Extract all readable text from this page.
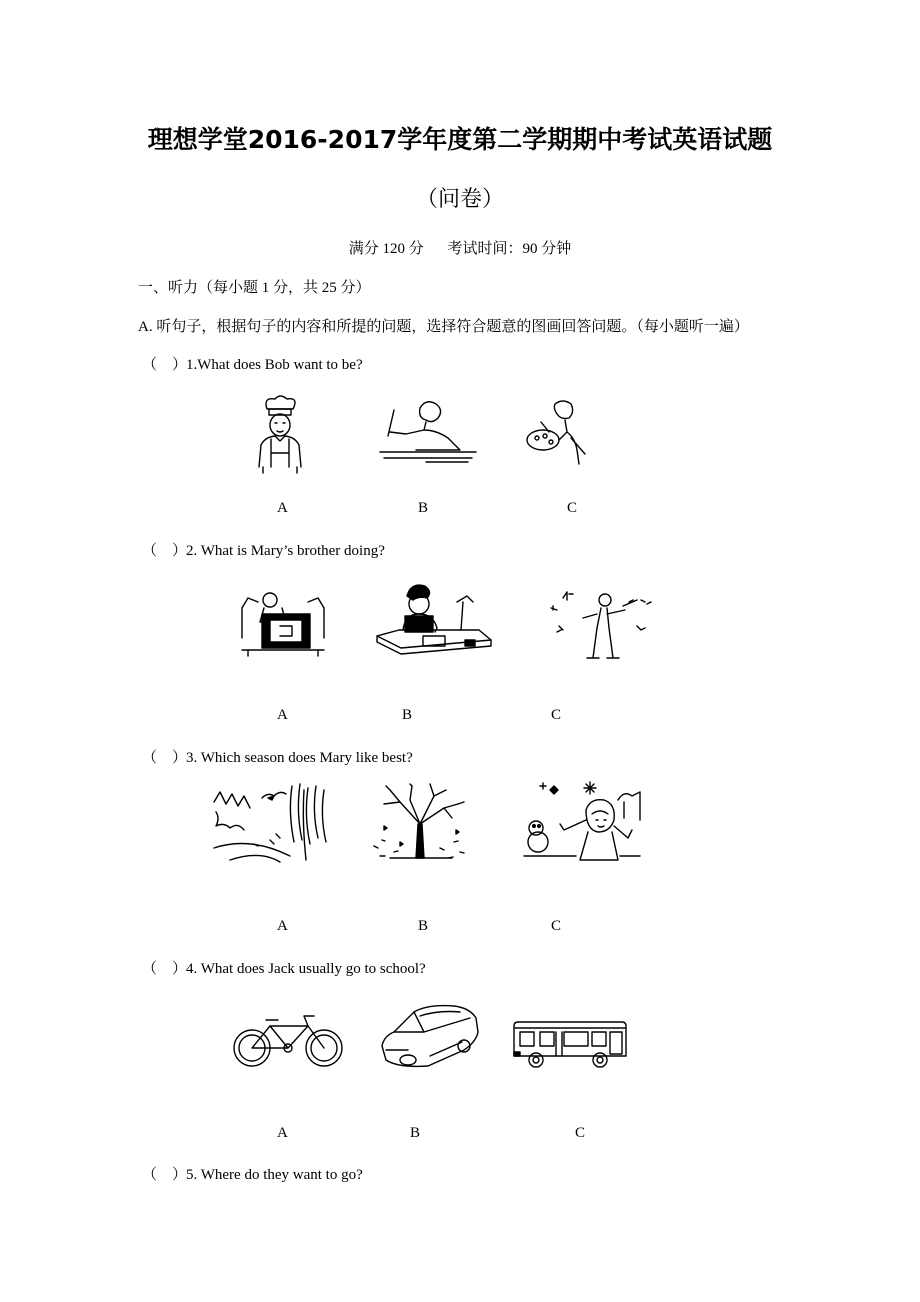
理想学堂2016-2017学年度第二学期期中考试英语试题
（问卷）
满分 120 分 考试时间：90 分钟
一、听力（每小题 1 分，共 25 分）
A. 听句子，根据句子的内容和所提的问题，选择符合题意的图画回答问题。（每小题听一遍）
（　）1.What does Bob want to be?
A	B	C
（　）2. What is Mary’s brother doing?
A	B	C
（　）3. Which season does Mary like best?
A	B	C
（　）4. What does Jack usually go to school?
A	B	C
（　）5. Where do they want to go?
